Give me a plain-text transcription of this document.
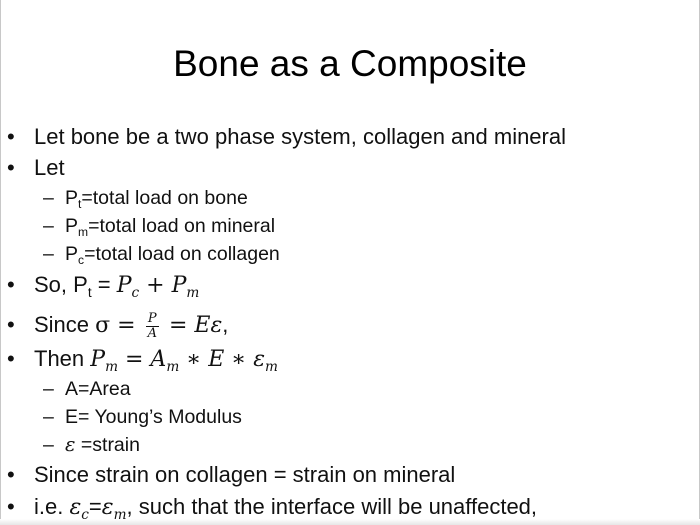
Bone as a Composite
• Let bone be a two phase system, collagen and mineral
• Let
– $P_t=total$ load on bone
– $P_m=total$ load on mineral
– $P_c=total$ load on collagen
• So, $P_t = P_c + P_m$
• Since $\sigma = \frac{P}{A} = E\varepsilon$,
• Then $P_m = A_m$ ∗ E ∗ $\varepsilon_m$
– A=Area
– E= Young’s Modulus
– ε =strain
• Since strain on collagen = strain on mineral
• i.e. $\varepsilon_c=\varepsilon_m$, such that the interface will be unaffected,
